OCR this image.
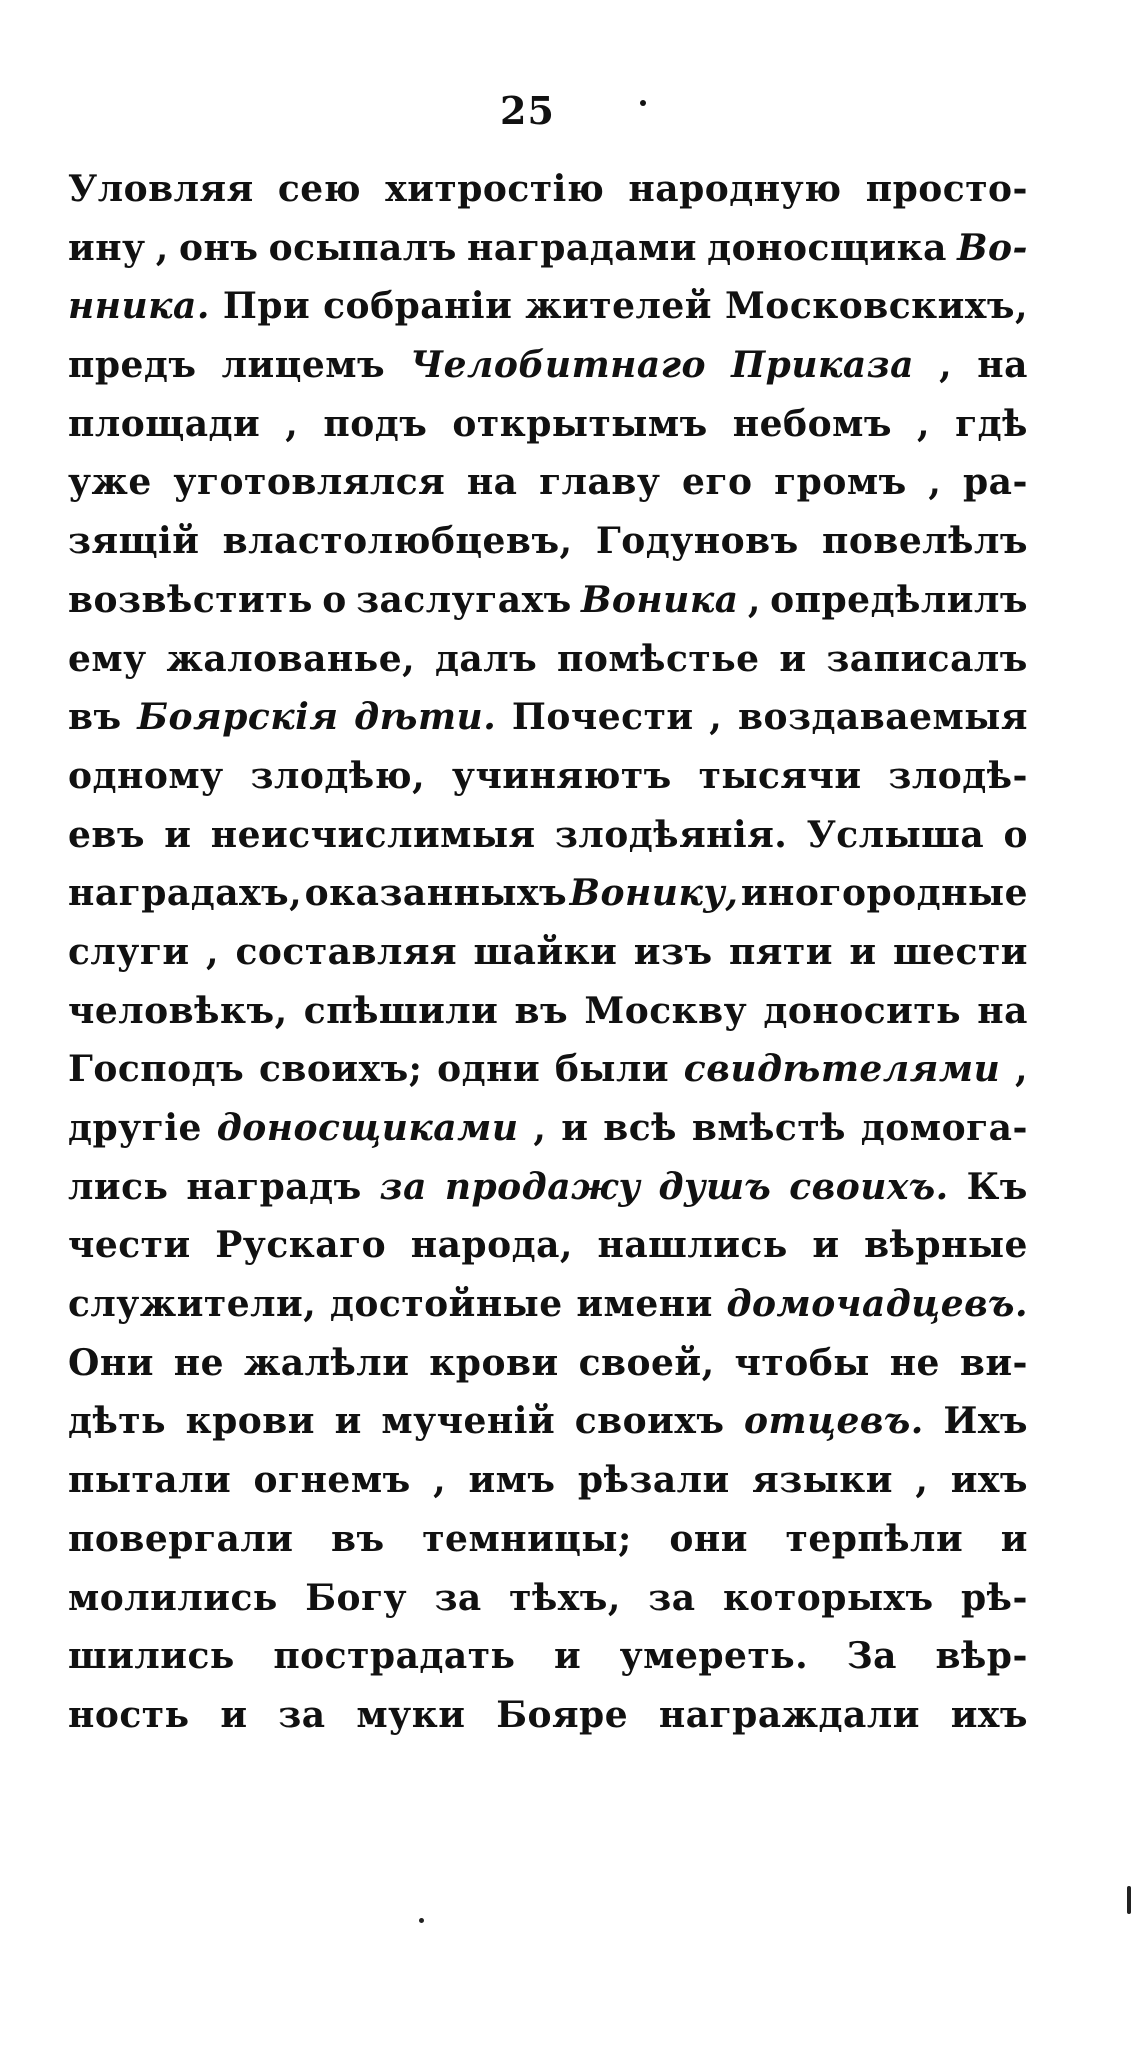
25
Уловляя сею хитростію народную просто-
ину , онъ осыпалъ наградами доносщика Во-
нника. При собраніи жителей Московскихъ,
предъ лицемъ Челобитнаго Приказа , на
площади , подъ открытымъ небомъ , гдѣ
уже уготовлялся на главу его громъ , ра-
зящій властолюбцевъ, Годуновъ повелѣлъ
возвѣстить о заслугахъ Воника , опредѣлилъ
ему жалованье, далъ помѣстье и записалъ
въ Боярскія дѣти. Почести , воздаваемыя
одному злодѣю, учиняютъ тысячи злодѣ-
евъ и неисчислимыя злодѣянія. Услыша о
наградахъ, оказанныхъ Вонику, иногородные
слуги , составляя шайки изъ пяти и шести
человѣкъ, спѣшили въ Москву доносить на
Господъ своихъ; одни были свидѣтелями ,
другіе доносщиками , и всѣ вмѣстѣ домога-
лись наградъ за продажу душъ своихъ. Къ
чести Рускаго народа, нашлись и вѣрные
служители, достойные имени домочадцевъ.
Они не жалѣли крови своей, чтобы не ви-
дѣть крови и мученій своихъ отцевъ. Ихъ
пытали огнемъ , имъ рѣзали языки , ихъ
повергали въ темницы; они терпѣли и
молились Богу за тѣхъ, за которыхъ рѣ-
шились пострадать и умереть. За вѣр-
ность и за муки Бояре награждали ихъ
